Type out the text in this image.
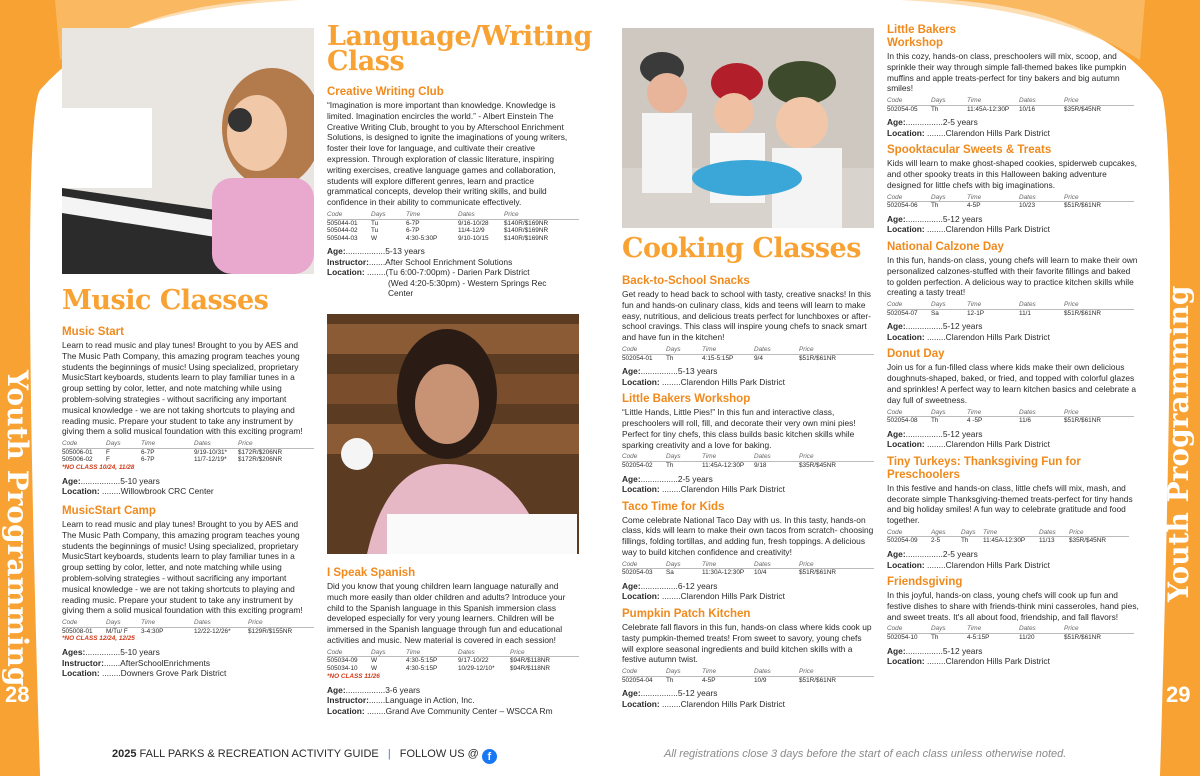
Youth Programming	Youth Programming
28	29
Music Classes
Music Start
Learn to read music and play tunes! Brought to you by AES and The Music Path Company, this amazing program teaches young students the beginnings of music! Using specialized, proprietary MusicStart keyboards, students learn to play familiar tunes in a group setting by color, letter, and note matching while using problem-solving strategies - without sacrificing any important musical knowledge - we are not taking shortcuts to playing and reading music. Prepare your student to take any instrument by giving them a solid musical foundation with this exciting program!
Code	Days	Time	Dates	Price
505006-01	F	6-7P	9/19-10/31*	$172R/$206NR
505006-02	F	6-7P	11/7-12/19*	$172R/$206NR
*NO CLASS 10/24, 11/28
Age:.................5-10 years
Location: ........Willowbrook CRC Center
MusicStart Camp
Learn to read music and play tunes! Brought to you by AES and The Music Path Company, this amazing program teaches young students the beginnings of music! Using specialized, proprietary MusicStart keyboards, students learn to play familiar tunes in a group setting by color, letter, and note matching while using problem-solving strategies - without sacrificing any important musical knowledge - we are not taking shortcuts to playing and reading music. Prepare your student to take any instrument by giving them a solid musical foundation with this exciting program!
Code	Days	Time	Dates	Price
505008-01	M/Tu/ F	3-4:30P	12/22-12/26*	$129R/$155NR
*NO CLASS 12/24, 12/25
Ages:...............5-10 years
Instructor:.......AfterSchoolEnrichments
Location: ........Downers Grove Park District
Language/Writing
Class
Creative Writing Club
“Imagination is more important than knowledge. Knowledge is limited. Imagination encircles the world.” - Albert Einstein The Creative Writing Club, brought to you by Afterschool Enrichment Solutions, is designed to ignite the imaginations of young writers, foster their love for language, and cultivate their creative expression. Through exploration of classic literature, inspiring writing exercises, creative language games and collaboration, students will explore different genres, learn and practice grammatical concepts, develop their writing skills, and build confidence in their ability to communicate effectively.
Code	Days	Time	Dates	Price
505044-01	Tu	6-7P	9/16-10/28	$140R/$169NR
505044-02	Tu	6-7P	11/4-12/9	$140R/$169NR
505044-03	W	4:30-5:30P	9/10-10/15	$140R/$169NR
Age:.................5-13 years
Instructor:.......After School Enrichment Solutions
Location: ........(Tu 6:00-7:00pm) - Darien Park District
(Wed 4:20-5:30pm) - Western Springs Rec
Center
I Speak Spanish
Did you know that young children learn language naturally and much more easily than older children and adults? Introduce your child to the Spanish language in this Spanish immersion class developed especially for very young learners. Children will be immersed in the Spanish language through fun and educational activities and music. New material is covered in each session!
Code	Days	Time	Dates	Price
505034-09	W	4:30-5:15P	9/17-10/22	$94R/$118NR
505034-10	W	4:30-5:15P	10/29-12/10*	$94R/$118NR
*NO CLASS 11/26
Age:.................3-6 years
Instructor:.......Language in Action, Inc.
Location: ........Grand Ave Community Center – WSCCA Rm
Cooking Classes
Back-to-School Snacks
Get ready to head back to school with tasty, creative snacks! In this fun and hands-on culinary class, kids and teens will learn to make easy, nutritious, and delicious treats perfect for lunchboxes or after-school cravings. This class will inspire young chefs to snack smart and have fun in the kitchen!
Code	Days	Time	Dates	Price
502054-01	Th	4:15-5:15P	9/4	$51R/$61NR
Age:................5-13 years
Location: ........Clarendon Hills Park District
Little Bakers Workshop
“Little Hands, Little Pies!” In this fun and interactive class, preschoolers will roll, fill, and decorate their very own mini pies! Perfect for tiny chefs, this class builds basic kitchen skills while sparking creativity and a love for baking.
Code	Days	Time	Dates	Price
502054-02	Th	11:45A-12:30P	9/18	$35R/$45NR
Age:................2-5 years
Location: ........Clarendon Hills Park District
Taco Time for Kids
Come celebrate National Taco Day with us. In this tasty, hands-on class, kids will learn to make their own tacos from scratch- choosing fillings, folding tortillas, and adding fun, fresh toppings. A delicious way to build kitchen confidence and creativity!
Code	Days	Time	Dates	Price
502054-03	Sa	11:30A-12:30P	10/4	$51R/$61NR
Age:................6-12 years
Location: ........Clarendon Hills Park District
Pumpkin Patch Kitchen
Celebrate fall flavors in this fun, hands-on class where kids cook up tasty pumpkin-themed treats! From sweet to savory, young chefs will explore seasonal ingredients and build kitchen skills with a festive autumn twist.
Code	Days	Time	Dates	Price
502054-04	Th	4-5P	10/9	$51R/$61NR
Age:................5-12 years
Location: ........Clarendon Hills Park District
Little Bakers
Workshop
In this cozy, hands-on class, preschoolers will mix, scoop, and sprinkle their way through simple fall-themed bakes like pumpkin muffins and apple treats-perfect for tiny bakers and big autumn smiles!
Code	Days	Time	Dates	Price
502054-05	Th	11:45A-12:30P	10/16	$35R/$45NR
Age:................2-5 years
Location: ........Clarendon Hills Park District
Spooktacular Sweets & Treats
Kids will learn to make ghost-shaped cookies, spiderweb cupcakes, and other spooky treats in this Halloween baking adventure designed for little chefs with big imaginations.
Code	Days	Time	Dates	Price
502054-06	Th	4-5P	10/23	$51R/$61NR
Age:................5-12 years
Location: ........Clarendon Hills Park District
National Calzone Day
In this fun, hands-on class, young chefs will learn to make their own personalized calzones-stuffed with their favorite fillings and baked to golden perfection. A delicious way to practice kitchen skills while creating a tasty treat!
Code	Days	Time	Dates	Price
502054-07	Sa	12-1P	11/1	$51R/$61NR
Age:................5-12 years
Location: ........Clarendon Hills Park District
Donut Day
Join us for a fun-filled class where kids make their own delicious doughnuts-shaped, baked, or fried, and topped with colorful glazes and sprinkles! A perfect way to learn kitchen basics and celebrate a day full of sweetness.
Code	Days	Time	Dates	Price
502054-08	Th	4 -5P	11/6	$51R/$61NR
Age:................5-12 years
Location: ........Clarendon Hills Park District
Tiny Turkeys: Thanksgiving Fun for
Preschoolers
In this festive and hands-on class, little chefs will mix, mash, and decorate simple Thanksgiving-themed treats-perfect for tiny hands and big holiday smiles! A fun way to celebrate gratitude and food together.
Code	Ages	Days	Time	Dates	Price
502054-09	2-5	Th	11:45A-12:30P	11/13	$35R/$45NR
Age:................2-5 years
Location: ........Clarendon Hills Park District
Friendsgiving
In this joyful, hands-on class, young chefs will cook up fun and festive dishes to share with friends-think mini casseroles, hand pies, and sweet treats. It's all about food, friendship, and fall flavors!
Code	Days	Time	Dates	Price
502054-10	Th	4-5:15P	11/20	$51R/$61NR
Age:................5-12 years
Location: ........Clarendon Hills Park District
2025 FALL PARKS & RECREATION ACTIVITY GUIDE | FOLLOW US @ f	All registrations close 3 days before the start of each class unless otherwise noted.
